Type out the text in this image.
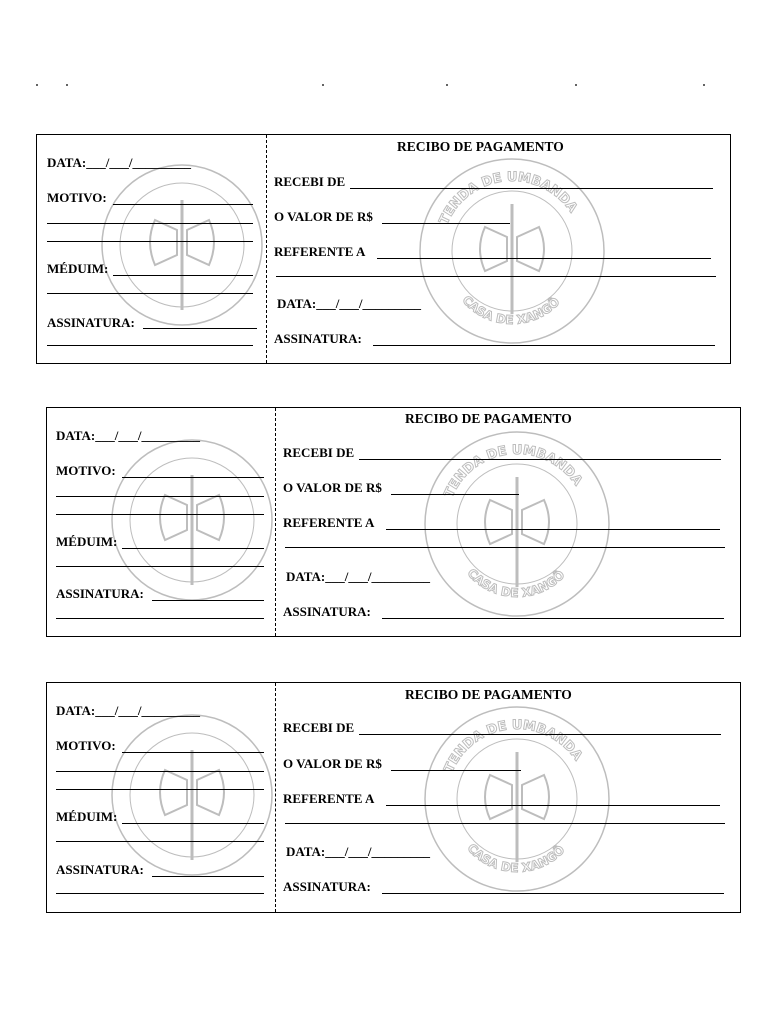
TENDA DE UMBANDA
CASA DE XANGÔ
DATA:___/___/_________
MOTIVO:
MÉDUIM:
ASSINATURA:
RECIBO DE PAGAMENTO
RECEBI DE
O VALOR DE R$
REFERENTE A
DATA:___/___/_________
ASSINATURA:
TENDA DE UMBANDA
CASA DE XANGÔ
DATA:___/___/_________
MOTIVO:
MÉDUIM:
ASSINATURA:
RECIBO DE PAGAMENTO
RECEBI DE
O VALOR DE R$
REFERENTE A
DATA:___/___/_________
ASSINATURA:
TENDA DE UMBANDA
CASA DE XANGÔ
DATA:___/___/_________
MOTIVO:
MÉDUIM:
ASSINATURA:
RECIBO DE PAGAMENTO
RECEBI DE
O VALOR DE R$
REFERENTE A
DATA:___/___/_________
ASSINATURA:
